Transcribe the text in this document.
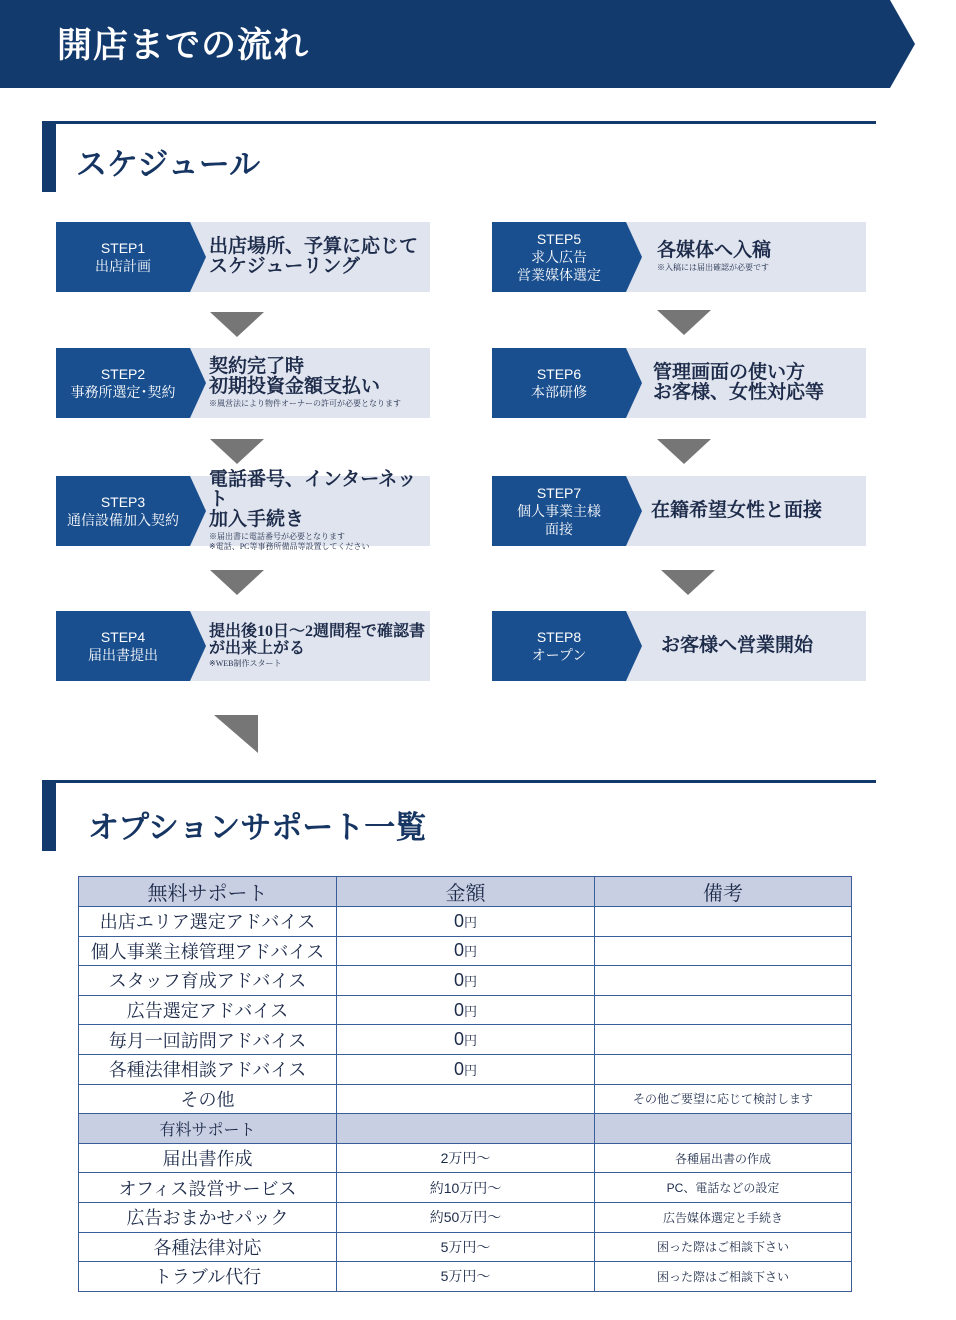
開店までの流れ
スケジュール
STEP1
出店計画
出店場所、予算に応じて
スケジューリング
STEP2
事務所選定･契約
契約完了時
初期投資金額支払い
※風営法により物件オーナーの許可が必要となります
STEP3
通信設備加入契約
電話番号、インターネット
加入手続き
※届出書に電話番号が必要となります
※電話、PC等事務所備品等設置してください
STEP4
届出書提出
提出後10日～2週間程で確認書
が出来上がる
※WEB制作スタート
STEP5
求人広告
営業媒体選定
各媒体へ入稿
※入稿には届出確認が必要です
STEP6
本部研修
管理画面の使い方
お客様、女性対応等
STEP7
個人事業主様
面接
在籍希望女性と面接
STEP8
オープン	お客様へ営業開始
オプションサポート一覧
無料サポート	金額	備考
出店エリア選定アドバイス	0円	
個人事業主様管理アドバイス	0円	
スタッフ育成アドバイス	0円	
広告選定アドバイス	0円	
毎月一回訪問アドバイス	0円	
各種法律相談アドバイス	0円	
その他		その他ご要望に応じて検討します
有料サポート		
届出書作成	2万円～	各種届出書の作成
オフィス設営サービス	約10万円～	PC、電話などの設定
広告おまかせパック	約50万円～	広告媒体選定と手続き
各種法律対応	5万円～	困った際はご相談下さい
トラブル代行	5万円～	困った際はご相談下さい
